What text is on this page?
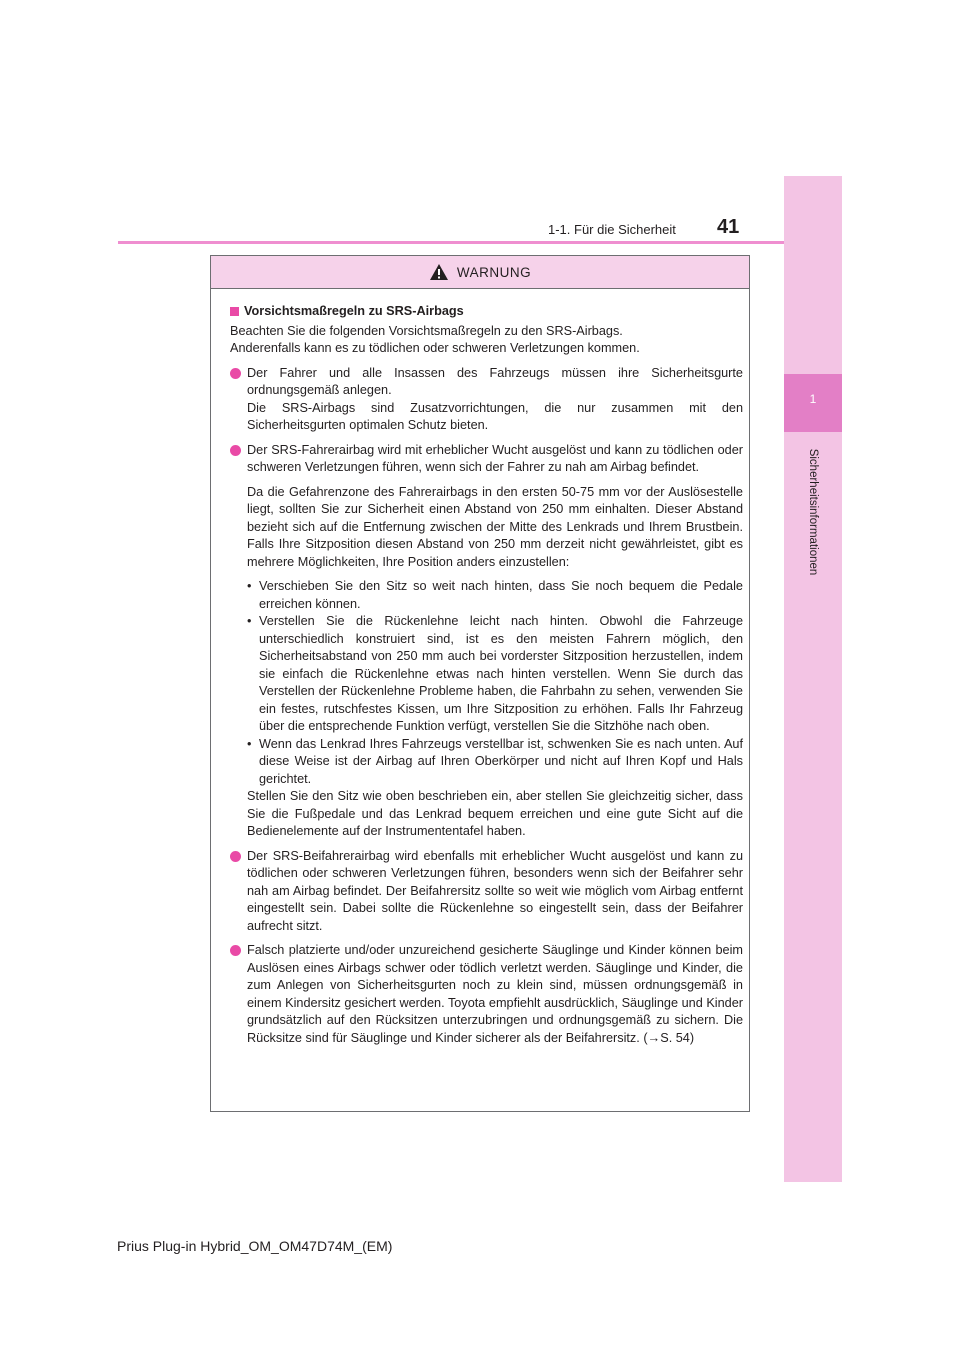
1
Sicherheitsinformationen
1-1. Für die Sicherheit 41
WARNUNG
Vorsichtsmaßregeln zu SRS-Airbags

Beachten Sie die folgenden Vorsichtsmaßregeln zu den SRS-Airbags.

Anderenfalls kann es zu tödlichen oder schweren Verletzungen kommen.

Der Fahrer und alle Insassen des Fahrzeugs müssen ihre Sicherheitsgurte ordnungsgemäß anlegen.

Die SRS-Airbags sind Zusatzvorrichtungen, die nur zusammen mit den Sicherheitsgurten optimalen Schutz bieten.

Der SRS-Fahrerairbag wird mit erheblicher Wucht ausgelöst und kann zu tödlichen oder schweren Verletzungen führen, wenn sich der Fahrer zu nah am Airbag befindet.

Da die Gefahrenzone des Fahrerairbags in den ersten 50-75 mm vor der Auslösestelle liegt, sollten Sie zur Sicherheit einen Abstand von 250 mm einhalten. Dieser Abstand bezieht sich auf die Entfernung zwischen der Mitte des Lenkrads und Ihrem Brustbein. Falls Ihre Sitzposition diesen Abstand von 250 mm derzeit nicht gewährleistet, gibt es mehrere Möglichkeiten, Ihre Position anders einzustellen:

• Verschieben Sie den Sitz so weit nach hinten, dass Sie noch bequem die Pedale erreichen können.
• Verstellen Sie die Rückenlehne leicht nach hinten. Obwohl die Fahrzeuge unterschiedlich konstruiert sind, ist es den meisten Fahrern möglich, den Sicherheitsabstand von 250 mm auch bei vorderster Sitzposition herzustellen, indem sie einfach die Rückenlehne etwas nach hinten verstellen. Wenn Sie durch das Verstellen der Rückenlehne Probleme haben, die Fahrbahn zu sehen, verwenden Sie ein festes, rutschfestes Kissen, um Ihre Sitzposition zu erhöhen. Falls Ihr Fahrzeug über die entsprechende Funktion verfügt, verstellen Sie die Sitzhöhe nach oben.
• Wenn das Lenkrad Ihres Fahrzeugs verstellbar ist, schwenken Sie es nach unten. Auf diese Weise ist der Airbag auf Ihren Oberkörper und nicht auf Ihren Kopf und Hals gerichtet.

Stellen Sie den Sitz wie oben beschrieben ein, aber stellen Sie gleichzeitig sicher, dass Sie die Fußpedale und das Lenkrad bequem erreichen und eine gute Sicht auf die Bedienelemente auf der Instrumententafel haben.

Der SRS-Beifahrerairbag wird ebenfalls mit erheblicher Wucht ausgelöst und kann zu tödlichen oder schweren Verletzungen führen, besonders wenn sich der Beifahrer sehr nah am Airbag befindet. Der Beifahrersitz sollte so weit wie möglich vom Airbag entfernt eingestellt sein. Dabei sollte die Rückenlehne so eingestellt sein, dass der Beifahrer aufrecht sitzt.

Falsch platzierte und/oder unzureichend gesicherte Säuglinge und Kinder können beim Auslösen eines Airbags schwer oder tödlich verletzt werden. Säuglinge und Kinder, die zum Anlegen von Sicherheitsgurten noch zu klein sind, müssen ordnungsgemäß in einem Kindersitz gesichert werden. Toyota empfiehlt ausdrücklich, Säuglinge und Kinder grundsätzlich auf den Rücksitzen unterzubringen und ordnungsgemäß zu sichern. Die Rücksitze sind für Säuglinge und Kinder sicherer als der Beifahrersitz. (→S. 54)

Prius Plug-in Hybrid_OM_OM47D74M_(EM)
